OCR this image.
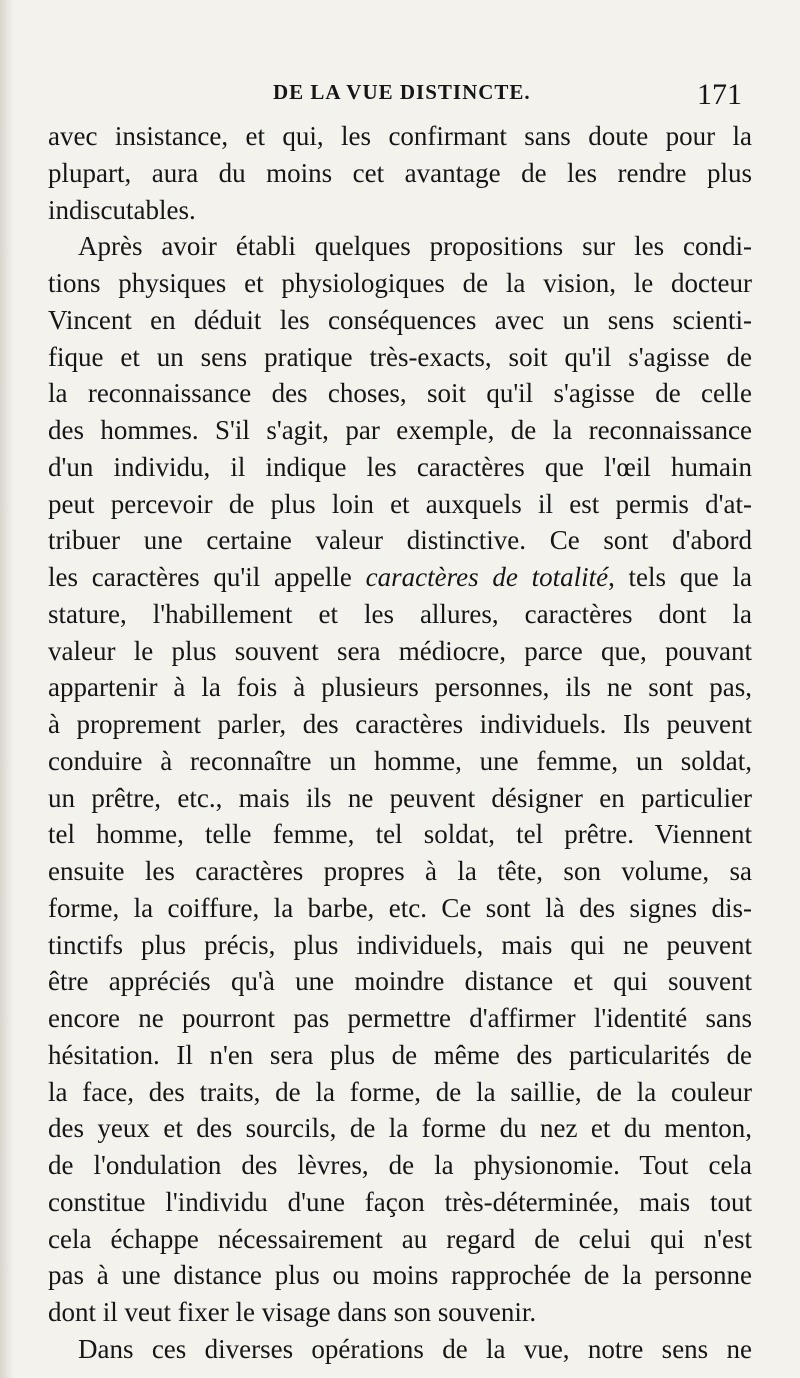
DE LA VUE DISTINCTE.	171
avec insistance, et qui, les confirmant sans doute pour la
plupart, aura du moins cet avantage de les rendre plus
indiscutables.
Après avoir établi quelques propositions sur les condi-
tions physiques et physiologiques de la vision, le docteur
Vincent en déduit les conséquences avec un sens scienti-
fique et un sens pratique très-exacts, soit qu'il s'agisse de
la reconnaissance des choses, soit qu'il s'agisse de celle
des hommes. S'il s'agit, par exemple, de la reconnaissance
d'un individu, il indique les caractères que l'œil humain
peut percevoir de plus loin et auxquels il est permis d'at-
tribuer une certaine valeur distinctive. Ce sont d'abord
les caractères qu'il appelle caractères de totalité, tels que la
stature, l'habillement et les allures, caractères dont la
valeur le plus souvent sera médiocre, parce que, pouvant
appartenir à la fois à plusieurs personnes, ils ne sont pas,
à proprement parler, des caractères individuels. Ils peuvent
conduire à reconnaître un homme, une femme, un soldat,
un prêtre, etc., mais ils ne peuvent désigner en particulier
tel homme, telle femme, tel soldat, tel prêtre. Viennent
ensuite les caractères propres à la tête, son volume, sa
forme, la coiffure, la barbe, etc. Ce sont là des signes dis-
tinctifs plus précis, plus individuels, mais qui ne peuvent
être appréciés qu'à une moindre distance et qui souvent
encore ne pourront pas permettre d'affirmer l'identité sans
hésitation. Il n'en sera plus de même des particularités de
la face, des traits, de la forme, de la saillie, de la couleur
des yeux et des sourcils, de la forme du nez et du menton,
de l'ondulation des lèvres, de la physionomie. Tout cela
constitue l'individu d'une façon très-déterminée, mais tout
cela échappe nécessairement au regard de celui qui n'est
pas à une distance plus ou moins rapprochée de la personne
dont il veut fixer le visage dans son souvenir.
Dans ces diverses opérations de la vue, notre sens ne
